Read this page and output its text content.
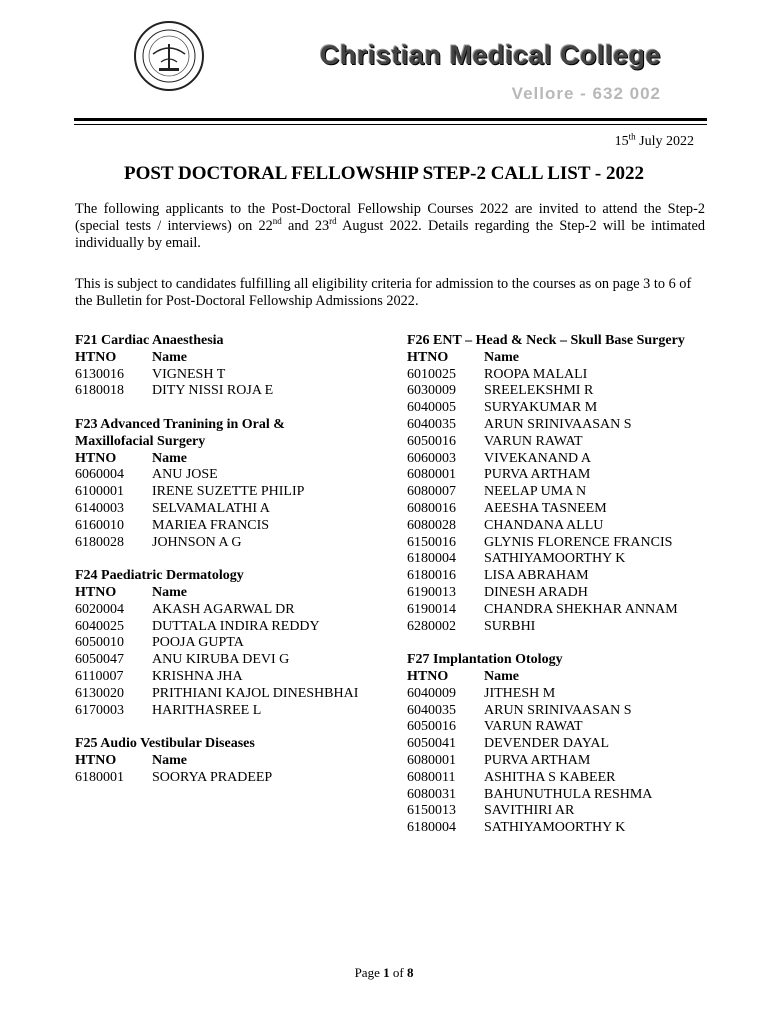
Christian Medical College
Vellore - 632 002
15th July 2022
POST DOCTORAL FELLOWSHIP STEP-2 CALL LIST - 2022
The following applicants to the Post-Doctoral Fellowship Courses 2022 are invited to attend the Step-2 (special tests / interviews) on 22nd and 23rd August 2022. Details regarding the Step-2 will be intimated individually by email.
This is subject to candidates fulfilling all eligibility criteria for admission to the courses as on page 3 to 6 of the Bulletin for Post-Doctoral Fellowship Admissions 2022.
F21 Cardiac Anaesthesia
HTNO	Name
6130016	VIGNESH T
6180018	DITY NISSI ROJA E
F23 Advanced Tranining in Oral & Maxillofacial Surgery
HTNO	Name
6060004	ANU JOSE
6100001	IRENE SUZETTE PHILIP
6140003	SELVAMALATHI A
6160010	MARIEA FRANCIS
6180028	JOHNSON A G
F24 Paediatric Dermatology
HTNO	Name
6020004	AKASH AGARWAL DR
6040025	DUTTALA INDIRA REDDY
6050010	POOJA GUPTA
6050047	ANU KIRUBA DEVI G
6110007	KRISHNA JHA
6130020	PRITHIANI KAJOL DINESHBHAI
6170003	HARITHASREE L
F25 Audio Vestibular Diseases
HTNO	Name
6180001	SOORYA PRADEEP
F26 ENT – Head & Neck – Skull Base Surgery
HTNO	Name
6010025	ROOPA MALALI
6030009	SREELEKSHMI R
6040005	SURYAKUMAR M
6040035	ARUN SRINIVAASAN S
6050016	VARUN RAWAT
6060003	VIVEKANAND A
6080001	PURVA ARTHAM
6080007	NEELAP UMA N
6080016	AEESHA TASNEEM
6080028	CHANDANA ALLU
6150016	GLYNIS FLORENCE FRANCIS
6180004	SATHIYAMOORTHY K
6180016	LISA ABRAHAM
6190013	DINESH ARADH
6190014	CHANDRA SHEKHAR ANNAM
6280002	SURBHI
F27 Implantation Otology
HTNO	Name
6040009	JITHESH M
6040035	ARUN SRINIVAASAN S
6050016	VARUN RAWAT
6050041	DEVENDER DAYAL
6080001	PURVA ARTHAM
6080011	ASHITHA S KABEER
6080031	BAHUNUTHULA RESHMA
6150013	SAVITHIRI AR
6180004	SATHIYAMOORTHY K
Page 1 of 8
